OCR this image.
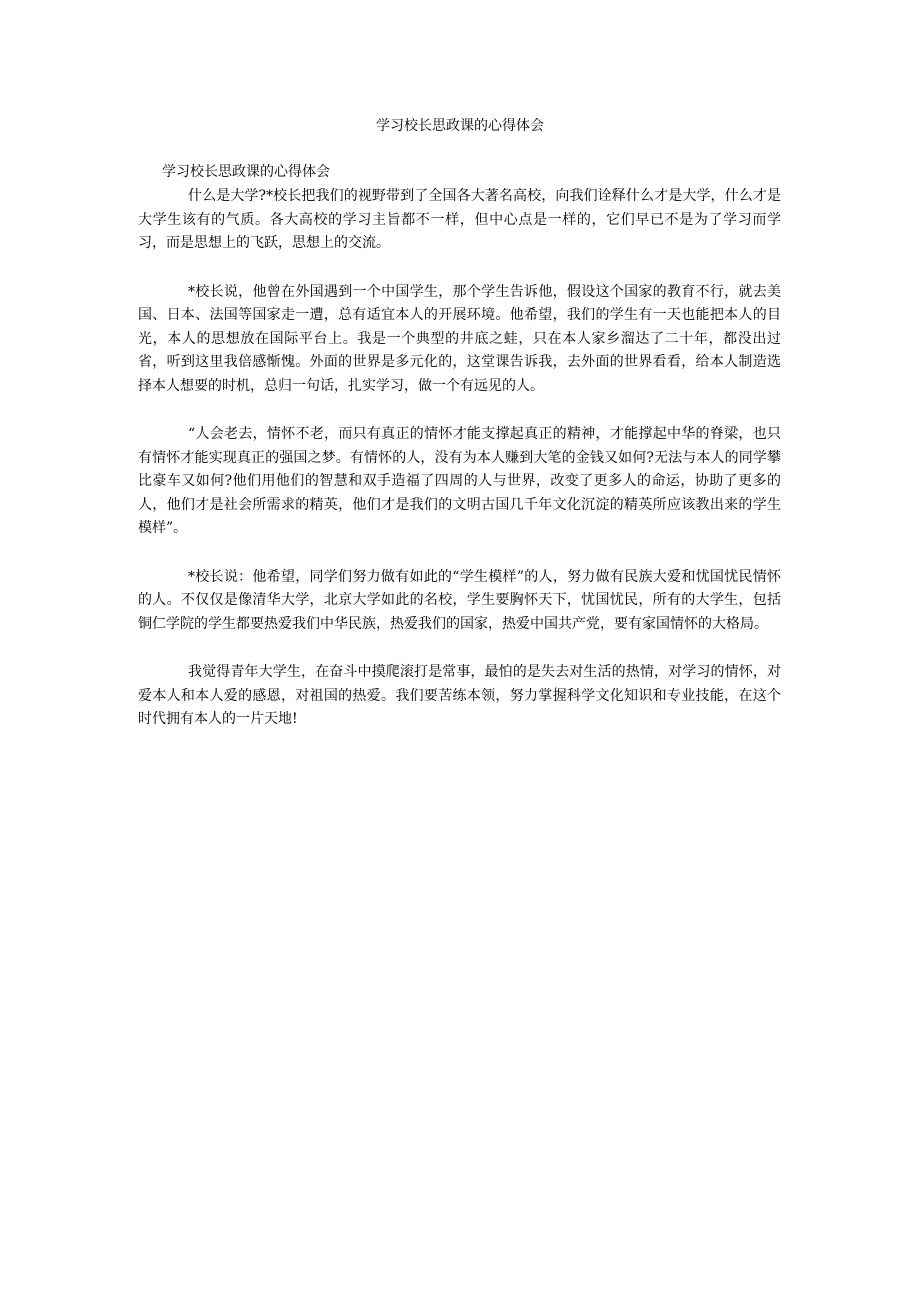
学习校长思政课的心得体会

学习校长思政课的心得体会

什么是大学?*校长把我们的视野带到了全国各大著名高校，向我们诠释什么才是大学，什么才是大学生该有的气质。各大高校的学习主旨都不一样，但中心点是一样的，它们早已不是为了学习而学习，而是思想上的飞跃，思想上的交流。

*校长说，他曾在外国遇到一个中国学生，那个学生告诉他，假设这个国家的教育不行，就去美国、日本、法国等国家走一遭，总有适宜本人的开展环境。他希望，我们的学生有一天也能把本人的目光，本人的思想放在国际平台上。我是一个典型的井底之蛙，只在本人家乡溜达了二十年，都没出过省，听到这里我倍感惭愧。外面的世界是多元化的，这堂课告诉我，去外面的世界看看，给本人制造选择本人想要的时机，总归一句话，扎实学习，做一个有远见的人。

“人会老去，情怀不老，而只有真正的情怀才能支撑起真正的精神，才能撑起中华的脊梁，也只有情怀才能实现真正的强国之梦。有情怀的人，没有为本人赚到大笔的金钱又如何?无法与本人的同学攀比豪车又如何?他们用他们的智慧和双手造福了四周的人与世界，改变了更多人的命运，协助了更多的人，他们才是社会所需求的精英，他们才是我们的文明古国几千年文化沉淀的精英所应该教出来的学生模样”。

*校长说：他希望，同学们努力做有如此的“学生模样”的人，努力做有民族大爱和忧国忧民情怀的人。不仅仅是像清华大学，北京大学如此的名校，学生要胸怀天下，忧国忧民，所有的大学生，包括铜仁学院的学生都要热爱我们中华民族，热爱我们的国家，热爱中国共产党，要有家国情怀的大格局。

我觉得青年大学生，在奋斗中摸爬滚打是常事，最怕的是失去对生活的热情，对学习的情怀，对爱本人和本人爱的感恩，对祖国的热爱。我们要苦练本领，努力掌握科学文化知识和专业技能，在这个时代拥有本人的一片天地!
